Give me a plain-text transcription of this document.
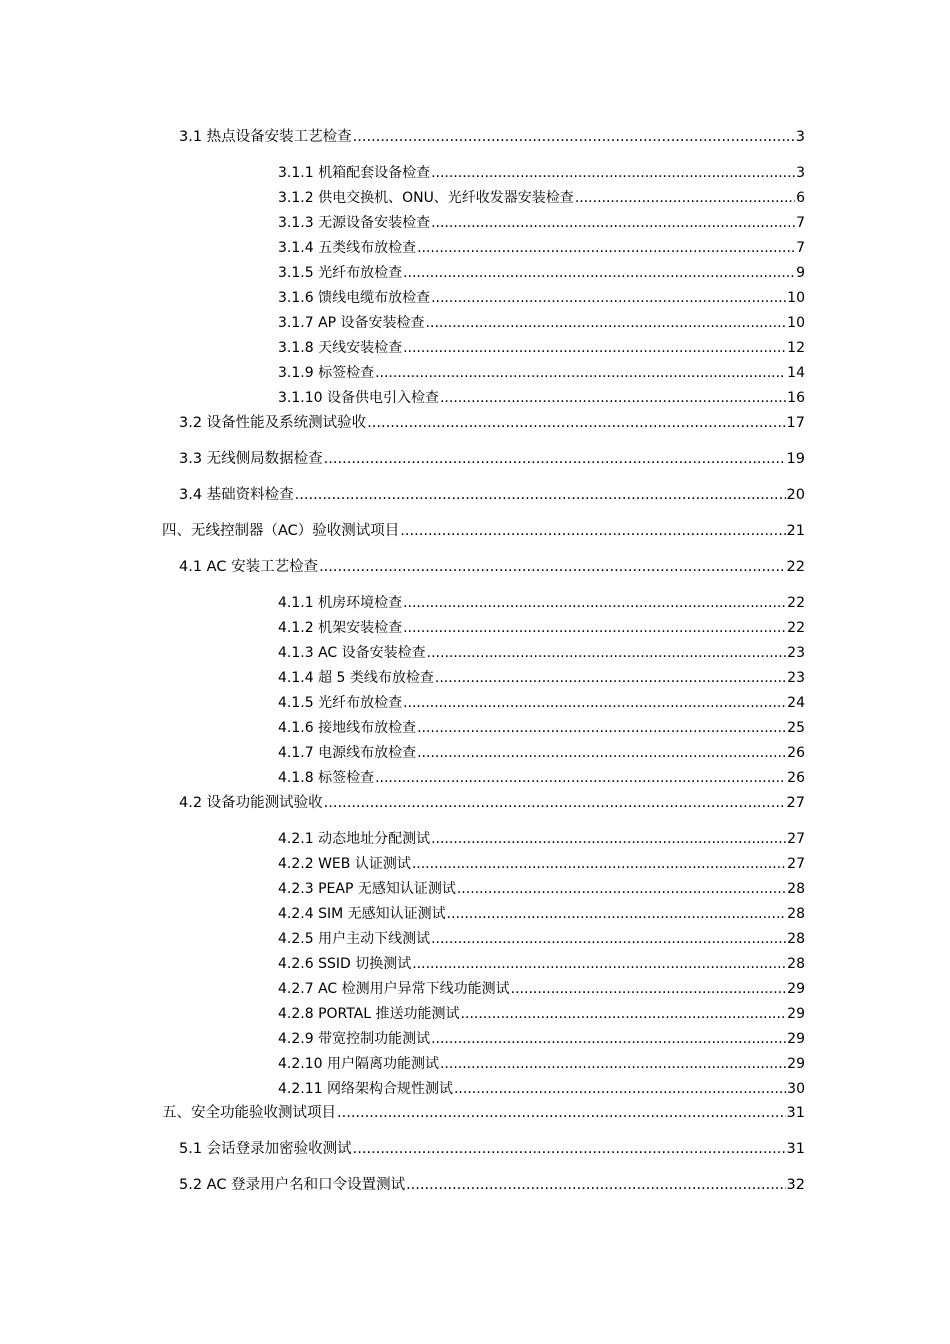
3.1 热点设备安装工艺检查 .....	3
3.1.1 机箱配套设备检查 .....	3
3.1.2 供电交换机、ONU、光纤收发器安装检查 .....	6
3.1.3 无源设备安装检查 .....	7
3.1.4 五类线布放检查 .....	7
3.1.5 光纤布放检查 .....	9
3.1.6 馈线电缆布放检查 .....	10
3.1.7 AP 设备安装检查 .....	10
3.1.8 天线安装检查 .....	12
3.1.9 标签检查 .....	14
3.1.10 设备供电引入检查 .....	16
3.2 设备性能及系统测试验收 .....	17
3.3 无线侧局数据检查 .....	19
3.4 基础资料检查 .....	20
四、无线控制器（AC）验收测试项目 .....	21
4.1 AC 安装工艺检查 .....	22
4.1.1 机房环境检查 .....	22
4.1.2 机架安装检查 .....	22
4.1.3 AC 设备安装检查 .....	23
4.1.4 超 5 类线布放检查 .....	23
4.1.5 光纤布放检查 .....	24
4.1.6 接地线布放检查 .....	25
4.1.7 电源线布放检查 .....	26
4.1.8 标签检查 .....	26
4.2 设备功能测试验收 .....	27
4.2.1 动态地址分配测试 .....	27
4.2.2 WEB 认证测试 .....	27
4.2.3 PEAP 无感知认证测试 .....	28
4.2.4 SIM 无感知认证测试 .....	28
4.2.5 用户主动下线测试 .....	28
4.2.6 SSID 切换测试 .....	28
4.2.7 AC 检测用户异常下线功能测试 .....	29
4.2.8 PORTAL 推送功能测试 .....	29
4.2.9 带宽控制功能测试 .....	29
4.2.10 用户隔离功能测试 .....	29
4.2.11 网络架构合规性测试 .....	30
五、安全功能验收测试项目 .....	31
5.1 会话登录加密验收测试 .....	31
5.2 AC 登录用户名和口令设置测试 .....	32
